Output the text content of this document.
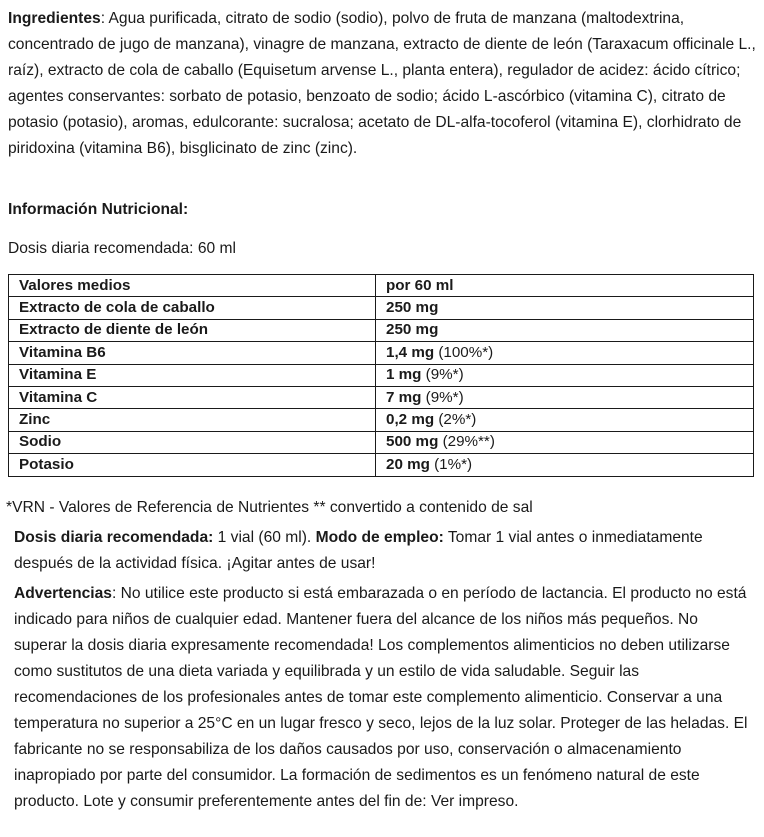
Ingredientes: Agua purificada, citrato de sodio (sodio), polvo de fruta de manzana (maltodextrina, concentrado de jugo de manzana), vinagre de manzana, extracto de diente de león (Taraxacum officinale L., raíz), extracto de cola de caballo (Equisetum arvense L., planta entera), regulador de acidez: ácido cítrico; agentes conservantes: sorbato de potasio, benzoato de sodio; ácido L-ascórbico (vitamina C), citrato de potasio (potasio), aromas, edulcorante: sucralosa; acetato de DL-alfa-tocoferol (vitamina E), clorhidrato de piridoxina (vitamina B6), bisglicinato de zinc (zinc).

Información Nutricional:

Dosis diaria recomendada: 60 ml

Valores medios	por 60 ml
Extracto de cola de caballo	250 mg
Extracto de diente de león	250 mg
Vitamina B6	1,4 mg (100%*)
Vitamina E	1 mg (9%*)
Vitamina C	7 mg (9%*)
Zinc	0,2 mg (2%*)
Sodio	500 mg (29%**)
Potasio	20 mg (1%*)

*VRN - Valores de Referencia de Nutrientes ** convertido a contenido de sal

Dosis diaria recomendada: 1 vial (60 ml). Modo de empleo: Tomar 1 vial antes o inmediatamente después de la actividad física. ¡Agitar antes de usar!

Advertencias: No utilice este producto si está embarazada o en período de lactancia. El producto no está indicado para niños de cualquier edad. Mantener fuera del alcance de los niños más pequeños. No superar la dosis diaria expresamente recomendada! Los complementos alimenticios no deben utilizarse como sustitutos de una dieta variada y equilibrada y un estilo de vida saludable. Seguir las recomendaciones de los profesionales antes de tomar este complemento alimenticio. Conservar a una temperatura no superior a 25°C en un lugar fresco y seco, lejos de la luz solar. Proteger de las heladas. El fabricante no se responsabiliza de los daños causados por uso, conservación o almacenamiento inapropiado por parte del consumidor. La formación de sedimentos es un fenómeno natural de este producto. Lote y consumir preferentemente antes del fin de: Ver impreso.
